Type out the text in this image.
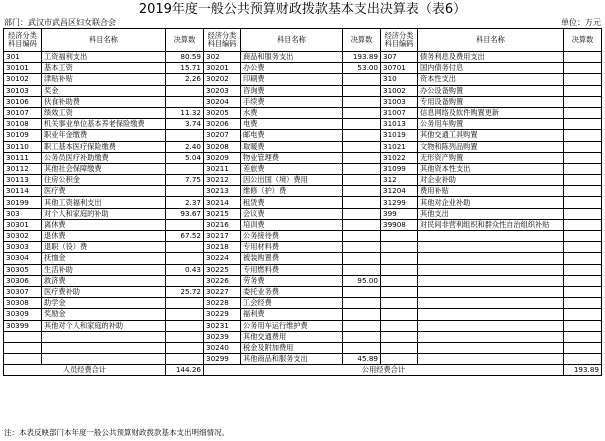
2019年度一般公共预算财政拨款基本支出决算表（表6）
部门：武汉市武昌区妇女联合会	单位：万元
经济分类科目编码	科目名称	决算数	经济分类科目编码	科目名称	决算数	经济分类科目编码	科目名称	决算数
301	工资福利支出	80.59	302	商品和服务支出	193.89	307	债务利息及费用支出	
30101	基本工资	15.71	30201	办公费	53.00	30701	国内债务付息	
30102	津贴补贴	2.26	30202	印刷费		310	资本性支出	
30103	奖金		30203	咨询费		31002	办公设备购置	
30106	伙食补助费		30204	手续费		31003	专用设备购置	
30107	绩效工资	11.32	30205	水费		31007	信息网络及软件购置更新	
30108	机关事业单位基本养老保险缴费	3.74	30206	电费		31013	公务用车购置	
30109	职业年金缴费		30207	邮电费		31019	其他交通工具购置	
30110	职工基本医疗保险缴费	2.40	30208	取暖费		31021	文物和陈列品购置	
30111	公务员医疗补助缴费	5.04	30209	物业管理费		31022	无形资产购置	
30112	其他社会保障缴费		30211	差旅费		31099	其他资本性支出	
30113	住房公积金	7.75	30212	因公出国（境）费用		312	对企业补助	
30114	医疗费		30213	维修（护）费		31204	费用补贴	
30199	其他工资福利支出	2.37	30214	租赁费		31299	其他对企业补助	
303	对个人和家庭的补助	93.67	30215	会议费		399	其他支出	
30301	离休费		30216	培训费		39908	对民间非营利组织和群众性自治组织补贴	
30302	退休费	67.52	30217	公务接待费				
30303	退职（役）费		30218	专用材料费				
30304	抚恤金		30224	被装购置费				
30305	生活补助	0.43	30225	专用燃料费				
30306	救济费		30226	劳务费	95.00			
30307	医疗费补助	25.72	30227	委托业务费				
30308	助学金		30228	工会经费				
30309	奖励金		30229	福利费				
30399	其他对个人和家庭的补助		30231	公务用车运行维护费				
			30239	其他交通费用				
			30240	税金及附加费用				
			30299	其他商品和服务支出	45.89			
人员经费合计		144.26	公用经费合计					193.89
注：本表反映部门本年度一般公共预算财政拨款基本支出明细情况。
